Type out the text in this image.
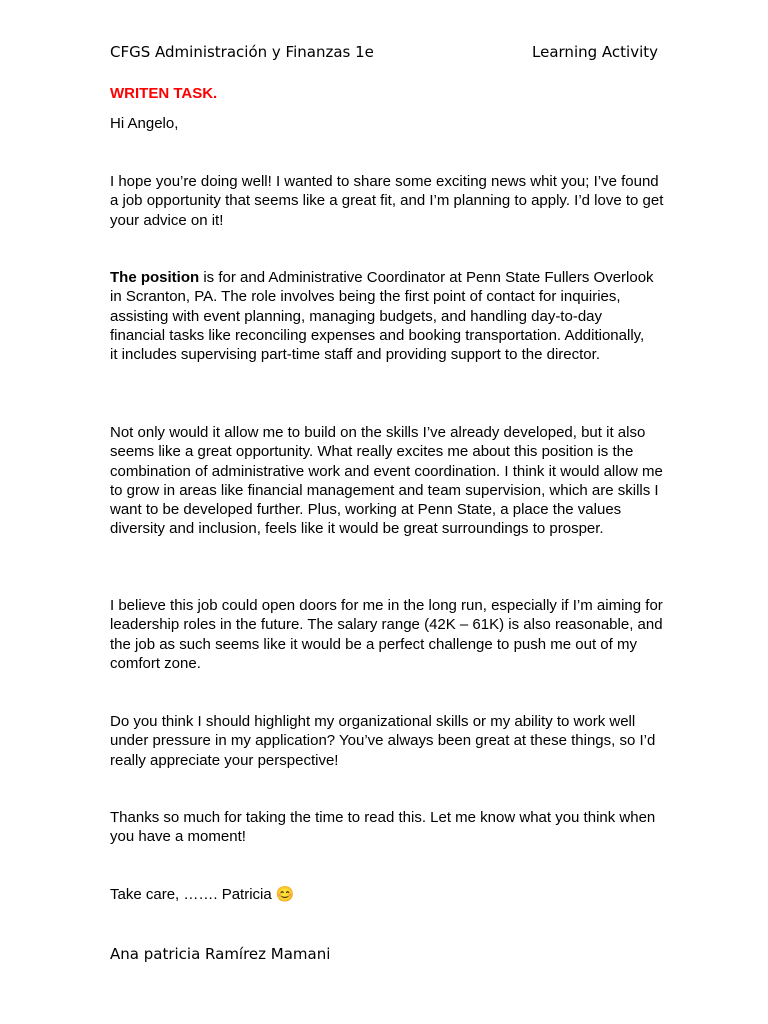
CFGS Administración y Finanzas 1e	Learning Activity
WRITEN TASK.
Hi Angelo,
I hope you’re doing well! I wanted to share some exciting news whit you; I’ve found a job opportunity that seems like a great fit, and I’m planning to apply. I’d love to get your advice on it!
The position is for and Administrative Coordinator at Penn State Fullers Overlook in Scranton, PA. The role involves being the first point of contact for inquiries, assisting with event planning, managing budgets, and handling day-to-day financial tasks like reconciling expenses and booking transportation. Additionally, it includes supervising part-time staff and providing support to the director.
Not only would it allow me to build on the skills I’ve already developed, but it also seems like a great opportunity. What really excites me about this position is the combination of administrative work and event coordination. I think it would allow me to grow in areas like financial management and team supervision, which are skills I want to be developed further. Plus, working at Penn State, a place the values diversity and inclusion, feels like it would be great surroundings to prosper.
I believe this job could open doors for me in the long run, especially if I’m aiming for leadership roles in the future. The salary range (42K – 61K) is also reasonable, and the job as such seems like it would be a perfect challenge to push me out of my comfort zone.
Do you think I should highlight my organizational skills or my ability to work well under pressure in my application? You’ve always been great at these things, so I’d really appreciate your perspective!
Thanks so much for taking the time to read this. Let me know what you think when you have a moment!
Take care, ……. Patricia 😊
Ana patricia Ramírez Mamani
